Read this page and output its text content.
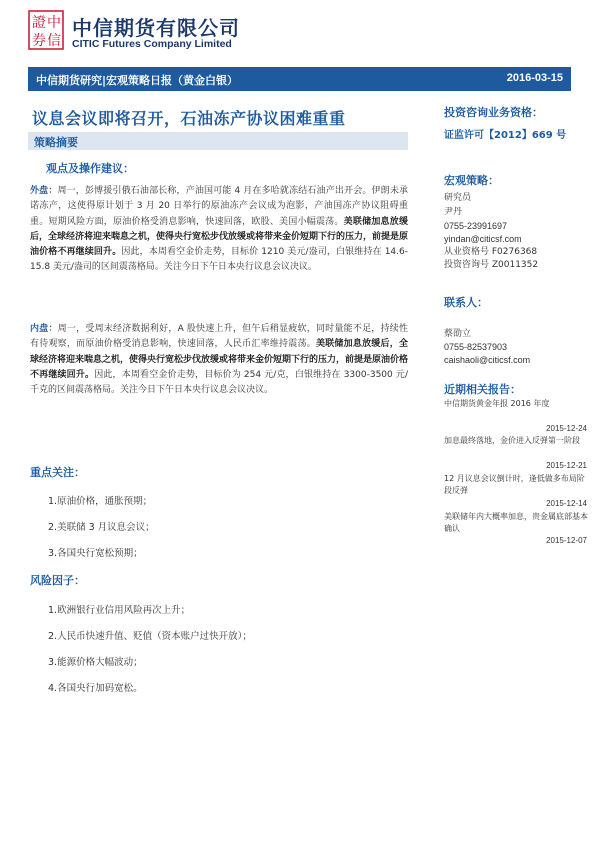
證 中
券 信
中信期货有限公司
CITIC Futures Company Limited
中信期货研究|宏观策略日报（黄金白银）	2016-03-15
议息会议即将召开，石油冻产协议困难重重
策略摘要
观点及操作建议：
外盘：周一，彭博援引俄石油部长称，产油国可能 4 月在多哈就冻结石油产出开会。伊朗未承诺冻产，这使得原计划于 3 月 20 日举行的原油冻产会议成为泡影，产油国冻产协议阻碍重重。短期风险方面，原油价格受消息影响，快速回落，欧股、美国小幅震荡。美联储加息放缓后，全球经济将迎来喘息之机，使得央行宽松步伐放缓或将带来金价短期下行的压力，前提是原油价格不再继续回升。因此，本周看空金价走势，目标价 1210 美元/盎司，白银维持在 14.6-15.8 美元/盎司的区间震荡格局。关注今日下午日本央行议息会议决议。
内盘：周一，受周末经济数据利好，A 股快速上升，但午后稍显疲软，同时量能不足，持续性有待观察，而原油价格受消息影响，快速回落，人民币汇率维持震荡。美联储加息放缓后，全球经济将迎来喘息之机，使得央行宽松步伐放缓或将带来金价短期下行的压力，前提是原油价格不再继续回升。因此，本周看空金价走势，目标价为 254 元/克，白银维持在 3300-3500 元/千克的区间震荡格局。关注今日下午日本央行议息会议决议。
重点关注：
1.原油价格，通胀预期；
2.美联储 3 月议息会议；
3.各国央行宽松预期；
风险因子：
1.欧洲银行业信用风险再次上升；
2.人民币快速升值、贬值（资本账户过快开放）；
3.能源价格大幅波动；
4.各国央行加码宽松。
投资咨询业务资格：
证监许可【2012】669 号
宏观策略：
研究员
尹丹
0755-23991697
yindan@citicsf.com
从业资格号 F0276368
投资咨询号 Z0011352
联系人：
蔡劭立
0755-82537903
caishaoli@citicsf.com
近期相关报告：
中信期货黄金年报 2016 年度
2015-12-24
加息最终落地，金价进入反弹第一阶段
2015-12-21
12 月议息会议倒计时，逢低做多布局阶段反弹
2015-12-14
美联储年内大概率加息，贵金属底部基本确认
2015-12-07
